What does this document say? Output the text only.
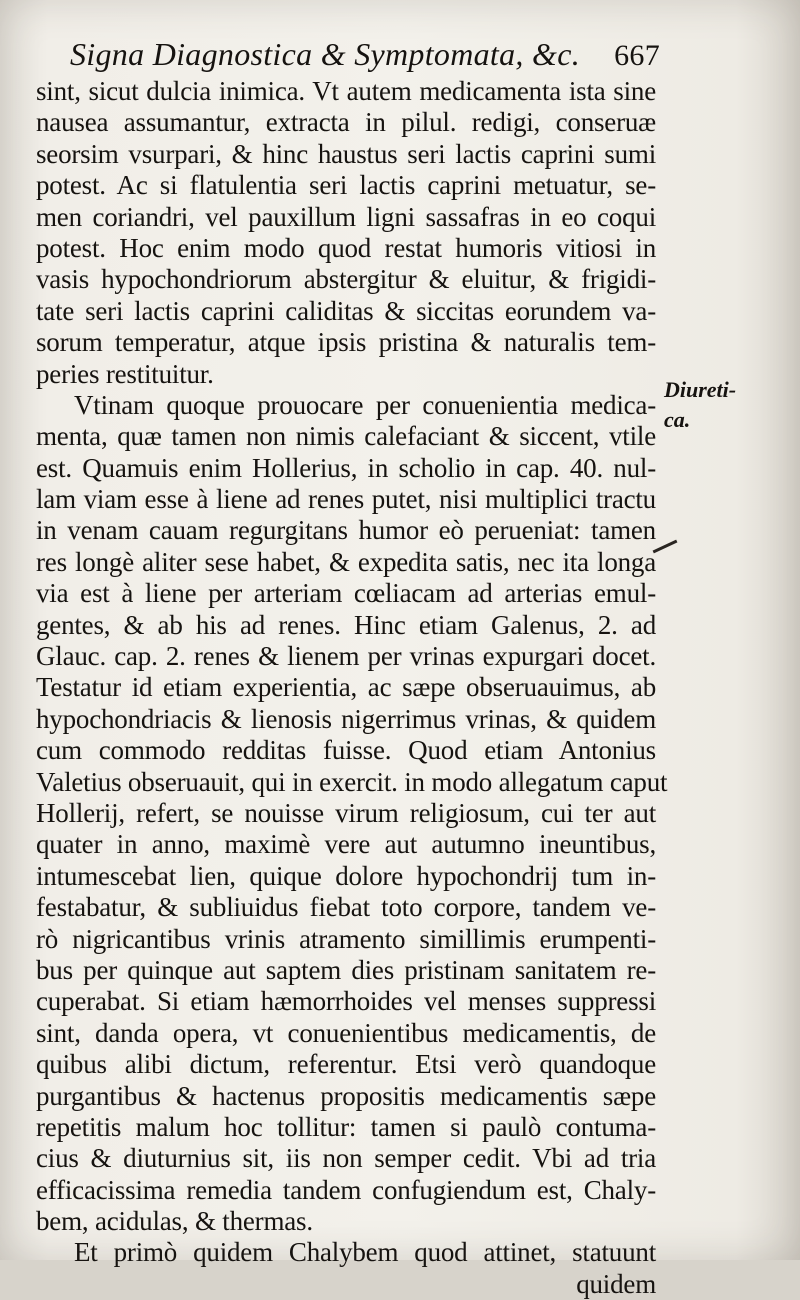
Signa Diagnostica & Symptomata, &c. 667
Diureti-
ca.
sint, sicut dulcia inimica. Vt autem medicamenta ista sine
nausea assumantur, extracta in pilul. redigi, conseruæ
seorsim vsurpari, & hinc haustus seri lactis caprini sumi
potest. Ac si flatulentia seri lactis caprini metuatur, se-
men coriandri, vel pauxillum ligni sassafras in eo coqui
potest. Hoc enim modo quod restat humoris vitiosi in
vasis hypochondriorum abstergitur & eluitur, & frigidi-
tate seri lactis caprini caliditas & siccitas eorundem va-
sorum temperatur, atque ipsis pristina & naturalis tem-
peries restituitur.
Vtinam quoque prouocare per conuenientia medica-
menta, quæ tamen non nimis calefaciant & siccent, vtile
est. Quamuis enim Hollerius, in scholio in cap. 40. nul-
lam viam esse à liene ad renes putet, nisi multiplici tractu
in venam cauam regurgitans humor eò perueniat: tamen
res longè aliter sese habet, & expedita satis, nec ita longa
via est à liene per arteriam cœliacam ad arterias emul-
gentes, & ab his ad renes. Hinc etiam Galenus, 2. ad
Glauc. cap. 2. renes & lienem per vrinas expurgari docet.
Testatur id etiam experientia, ac sæpe obseruauimus, ab
hypochondriacis & lienosis nigerrimus vrinas, & quidem
cum commodo redditas fuisse. Quod etiam Antonius
Valetius obseruauit, qui in exercit. in modo allegatum caput
Hollerij, refert, se nouisse virum religiosum, cui ter aut
quater in anno, maximè vere aut autumno ineuntibus,
intumescebat lien, quique dolore hypochondrij tum in-
festabatur, & subliuidus fiebat toto corpore, tandem ve-
rò nigricantibus vrinis atramento simillimis erumpenti-
bus per quinque aut saptem dies pristinam sanitatem re-
cuperabat. Si etiam hæmorrhoides vel menses suppressi
sint, danda opera, vt conuenientibus medicamentis, de
quibus alibi dictum, referentur. Etsi verò quandoque
purgantibus & hactenus propositis medicamentis sæpe
repetitis malum hoc tollitur: tamen si paulò contuma-
cius & diuturnius sit, iis non semper cedit. Vbi ad tria
efficacissima remedia tandem confugiendum est, Chaly-
bem, acidulas, & thermas.
Et primò quidem Chalybem quod attinet, statuunt
quidem
